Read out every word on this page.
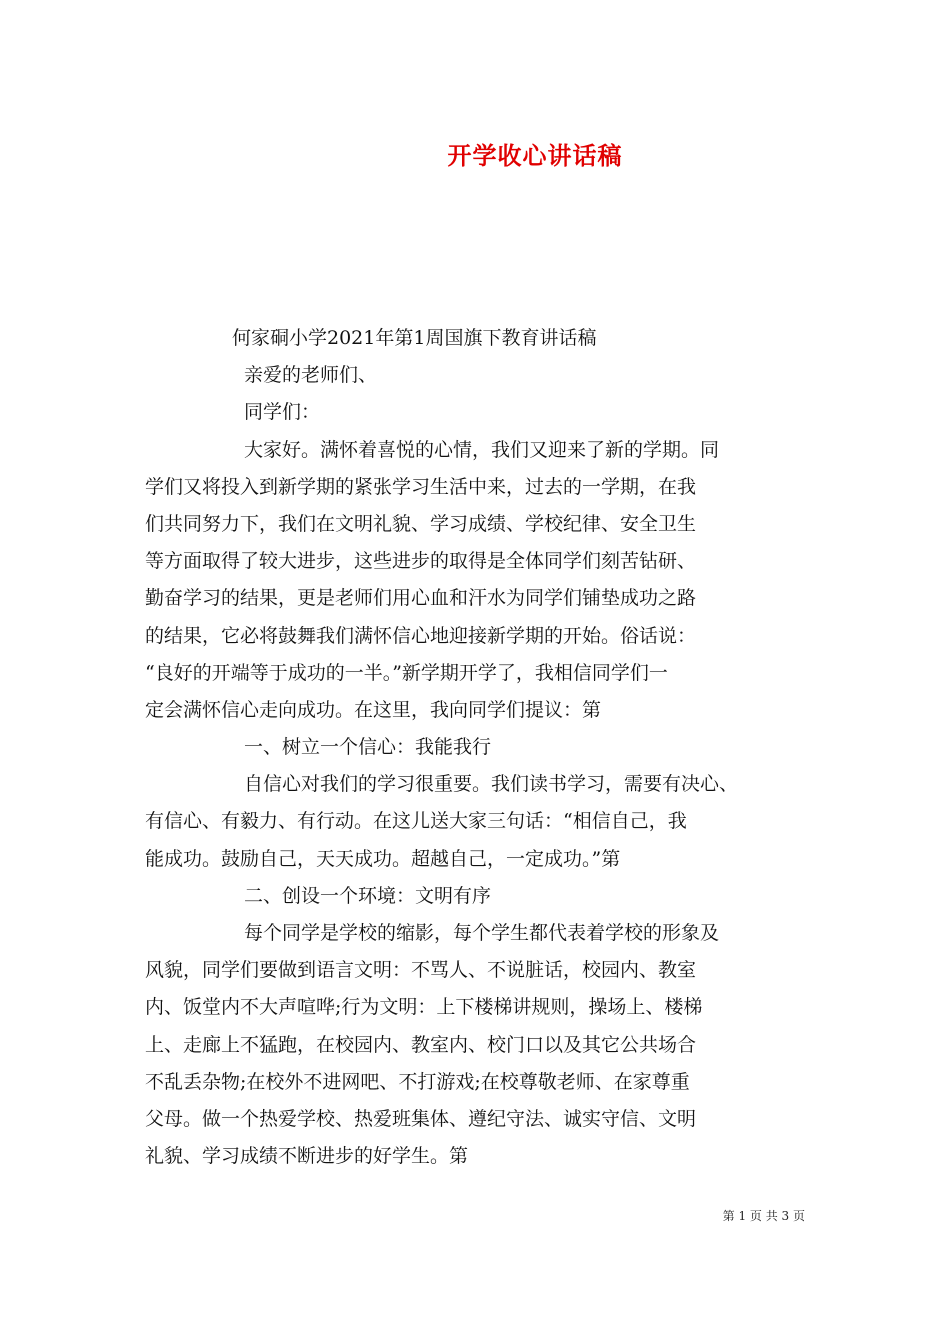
开学收心讲话稿
何家硐小学2021年第1周国旗下教育讲话稿
亲爱的老师们、
同学们：
大家好。满怀着喜悦的心情，我们又迎来了新的学期。同
学们又将投入到新学期的紧张学习生活中来，过去的一学期，在我
们共同努力下，我们在文明礼貌、学习成绩、学校纪律、安全卫生
等方面取得了较大进步，这些进步的取得是全体同学们刻苦钻研、
勤奋学习的结果，更是老师们用心血和汗水为同学们铺垫成功之路
的结果，它必将鼓舞我们满怀信心地迎接新学期的开始。俗话说：
“良好的开端等于成功的一半。”新学期开学了，我相信同学们一
定会满怀信心走向成功。在这里，我向同学们提议：第
一、树立一个信心：我能我行
自信心对我们的学习很重要。我们读书学习，需要有决心、
有信心、有毅力、有行动。在这儿送大家三句话：“相信自己，我
能成功。鼓励自己，天天成功。超越自己，一定成功。”第
二、创设一个环境：文明有序
每个同学是学校的缩影，每个学生都代表着学校的形象及
风貌，同学们要做到语言文明：不骂人、不说脏话，校园内、教室
内、饭堂内不大声喧哗;行为文明：上下楼梯讲规则，操场上、楼梯
上、走廊上不猛跑，在校园内、教室内、校门口以及其它公共场合
不乱丢杂物;在校外不进网吧、不打游戏;在校尊敬老师、在家尊重
父母。做一个热爱学校、热爱班集体、遵纪守法、诚实守信、文明
礼貌、学习成绩不断进步的好学生。第
第 1 页 共 3 页
